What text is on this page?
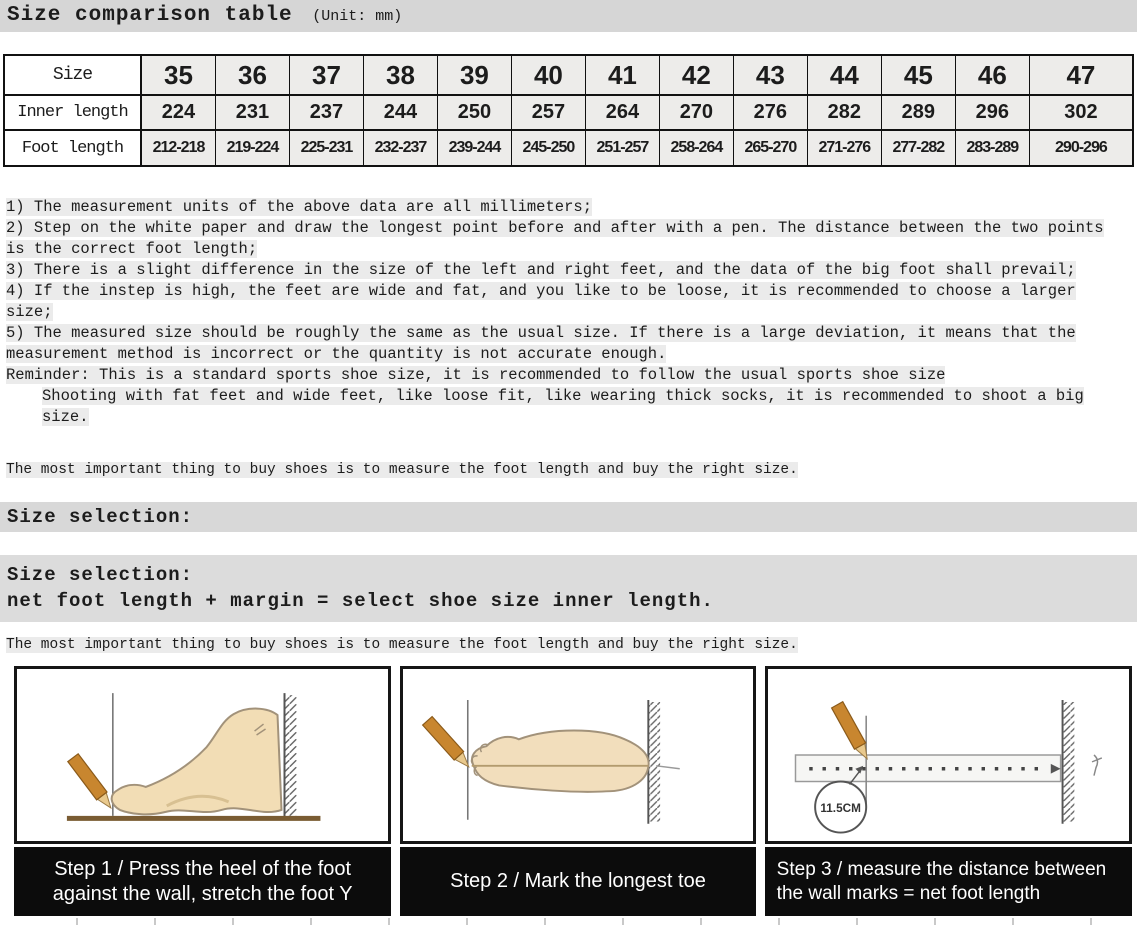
Size comparison table (Unit: mm)
Size	35	36	37	38	39	40	41	42	43	44	45	46	47
Inner length	224	231	237	244	250	257	264	270	276	282	289	296	302
Foot length	212-218	219-224	225-231	232-237	239-244	245-250	251-257	258-264	265-270	271-276	277-282	283-289	290-296

1) The measurement units of the above data are all millimeters;

2) Step on the white paper and draw the longest point before and after with a pen. The distance between the two points is the correct foot length;

3) There is a slight difference in the size of the left and right feet, and the data of the big foot shall prevail;

4) If the instep is high, the feet are wide and fat, and you like to be loose, it is recommended to choose a larger size;

5) The measured size should be roughly the same as the usual size. If there is a large deviation, it means that the measurement method is incorrect or the quantity is not accurate enough.

Reminder: This is a standard sports shoe size, it is recommended to follow the usual sports shoe size

Shooting with fat feet and wide feet, like loose fit, like wearing thick socks, it is recommended to shoot a big size.

The most important thing to buy shoes is to measure the foot length and buy the right size.

Size selection:
Size selection:
net foot length + margin = select shoe size inner length.

The most important thing to buy shoes is to measure the foot length and buy the right size.

Step 1 / Press the heel of the foot
against the wall, stretch the foot Y
Step 2 / Mark the longest toe
11.5CM
Step 3 / measure the distance between
the wall marks = net foot length
